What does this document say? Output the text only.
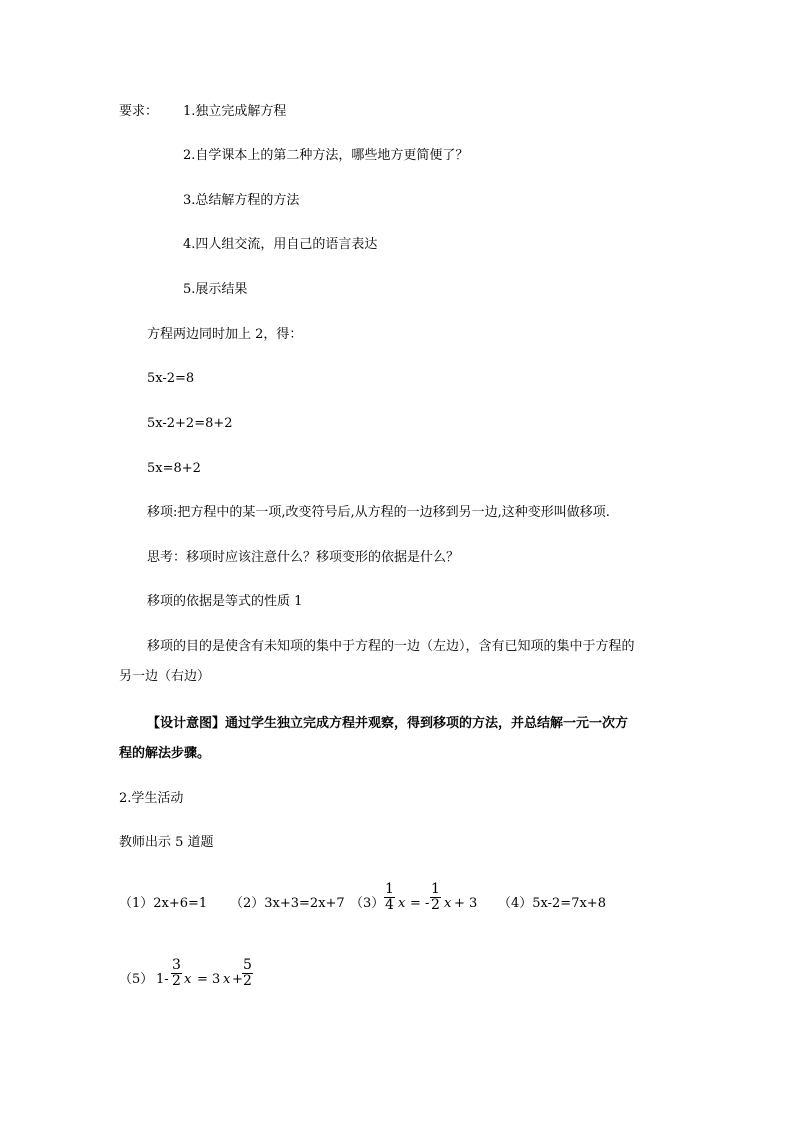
要求： 1.独立完成解方程
2.自学课本上的第二种方法，哪些地方更简便了？
3.总结解方程的方法
4.四人组交流，用自己的语言表达
5.展示结果
方程两边同时加上 2，得：
5x-2=8
5x-2+2=8+2
5x=8+2
移项:把方程中的某一项,改变符号后,从方程的一边移到另一边,这种变形叫做移项.
思考：移项时应该注意什么？移项变形的依据是什么？
移项的依据是等式的性质 1
移项的目的是使含有未知项的集中于方程的一边（左边），含有已知项的集中于方程的
另一边（右边）
【设计意图】通过学生独立完成方程并观察，得到移项的方法，并总结解一元一次方
程的解法步骤。
2.学生活动
教师出示 5 道题
（1）2x+6=1 （2）3x+3=2x+7 $(3) \frac{1}{4}$ x = - $\frac{1}{2}$ x + 3 （4）5x-2=7x+8
（5） $1- \frac{3}{2}$ x = 3 $x + \frac{5}{2}$
